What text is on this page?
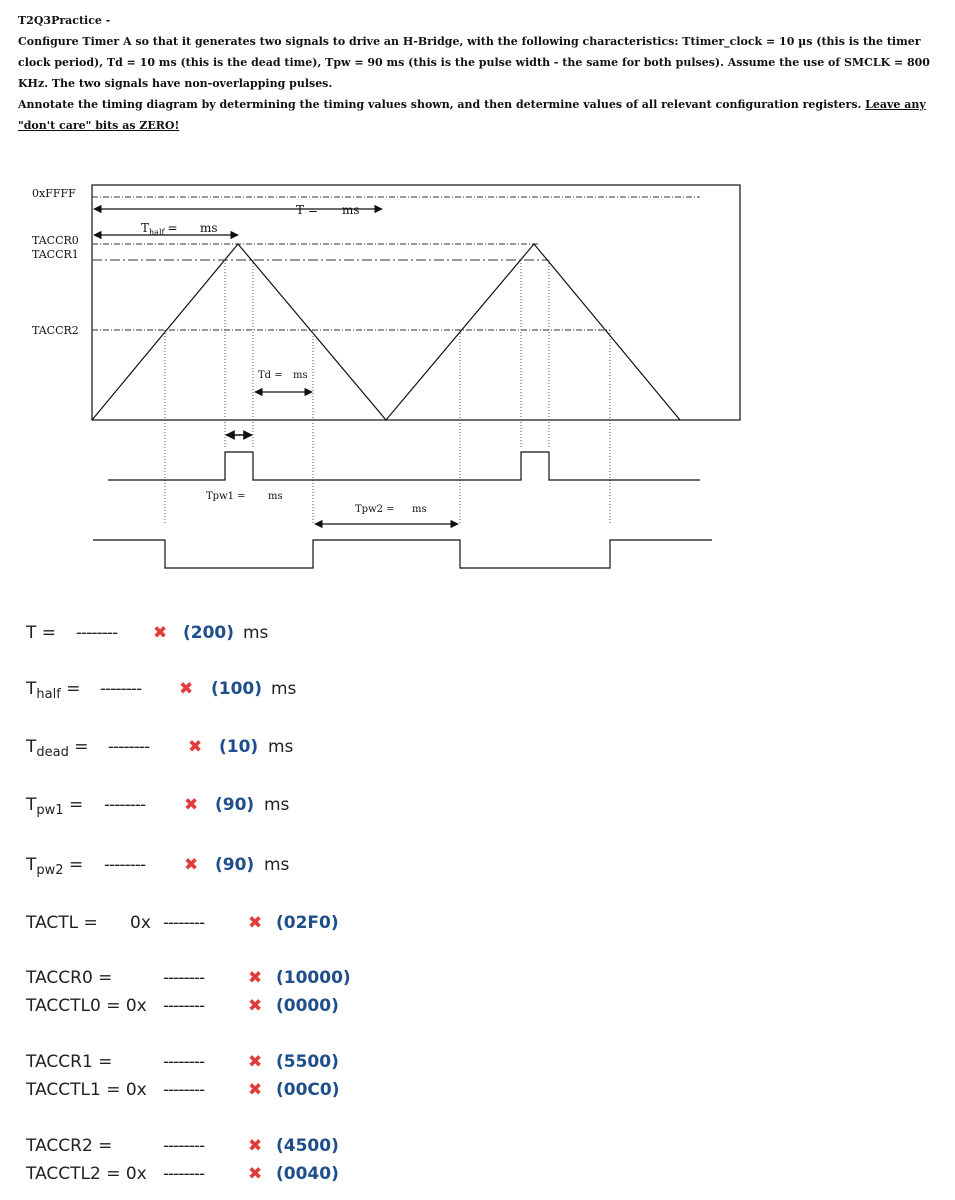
T2Q3Practice -

Configure Timer A so that it generates two signals to drive an H-Bridge, with the following characteristics: Ttimer_clock = 10 µs (this is the timer clock period), Td = 10 ms (this is the dead time), Tpw = 90 ms (this is the pulse width - the same for both pulses). Assume the use of SMCLK = 800 KHz. The two signals have non-overlapping pulses.

Annotate the timing diagram by determining the timing values shown, and then determine values of all relevant configuration registers. Leave any "don't care" bits as ZERO!

0xFFFF
TACCR0
TACCR1
TACCR2
T = ms
$T_{half}$ = ms
Td = ms
Tpw1 = ms
Tpw2 = ms
T = -------- ✖ (200) ms
$T_{half}$ = -------- ✖ (100) ms
$T_{dead}$ = -------- ✖ (10) ms
$T_{pw1}$ = -------- ✖ (90) ms
$T_{pw2}$ = -------- ✖ (90) ms
TACTL = 0x --------	✖ (02F0)
TACCR0 =	--------	✖ (10000)
TACCTL0 = 0x --------	✖ (0000)
TACCR1 =	--------	✖ (5500)
TACCTL1 = 0x --------	✖ (00C0)
TACCR2 =	--------	✖ (4500)
TACCTL2 = 0x --------	✖ (0040)
